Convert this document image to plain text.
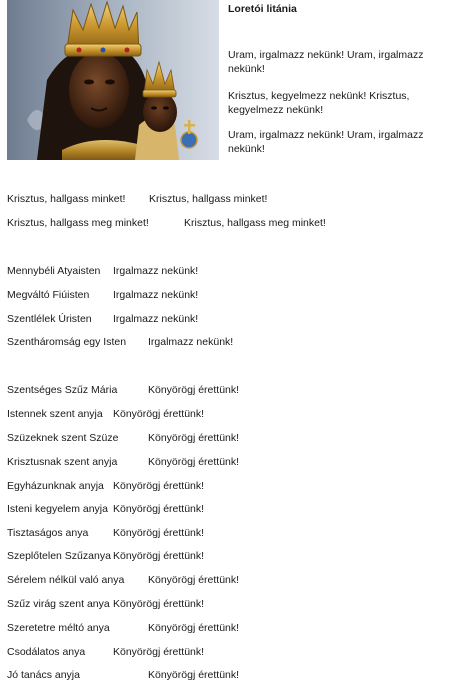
Loretói litánia
Uram, irgalmazz nekünk! Uram, irgalmazz nekünk!
Krisztus, kegyelmezz nekünk! Krisztus, kegyelmezz nekünk!
Uram, irgalmazz nekünk! Uram, irgalmazz nekünk!
Krisztus, hallgass minket! Krisztus, hallgass minket!
Krisztus, hallgass meg minket!	Krisztus, hallgass meg minket!
Mennybéli Atyaisten Irgalmazz nekünk!
Megváltó Fiúisten Irgalmazz nekünk!
Szentlélek Úristen Irgalmazz nekünk!
Szentháromság egy Isten Irgalmazz nekünk!
Szentséges Szűz Mária	Könyörögj érettünk!
Istennek szent anyja Könyörögj érettünk!
Szüzeknek szent Szüze	Könyörögj érettünk!
Krisztusnak szent anyja	Könyörögj érettünk!
Egyházunknak anyja Könyörögj érettünk!
Isteni kegyelem anyja Könyörögj érettünk!
Tisztaságos anya Könyörögj érettünk!
Szeplőtelen Szűzanya Könyörögj érettünk!
Sérelem nélkül való anya Könyörögj érettünk!
Szűz virág szent anya Könyörögj érettünk!
Szeretetre méltó anya	Könyörögj érettünk!
Csodálatos anya	Könyörögj érettünk!
Jó tanács anyja	Könyörögj érettünk!
